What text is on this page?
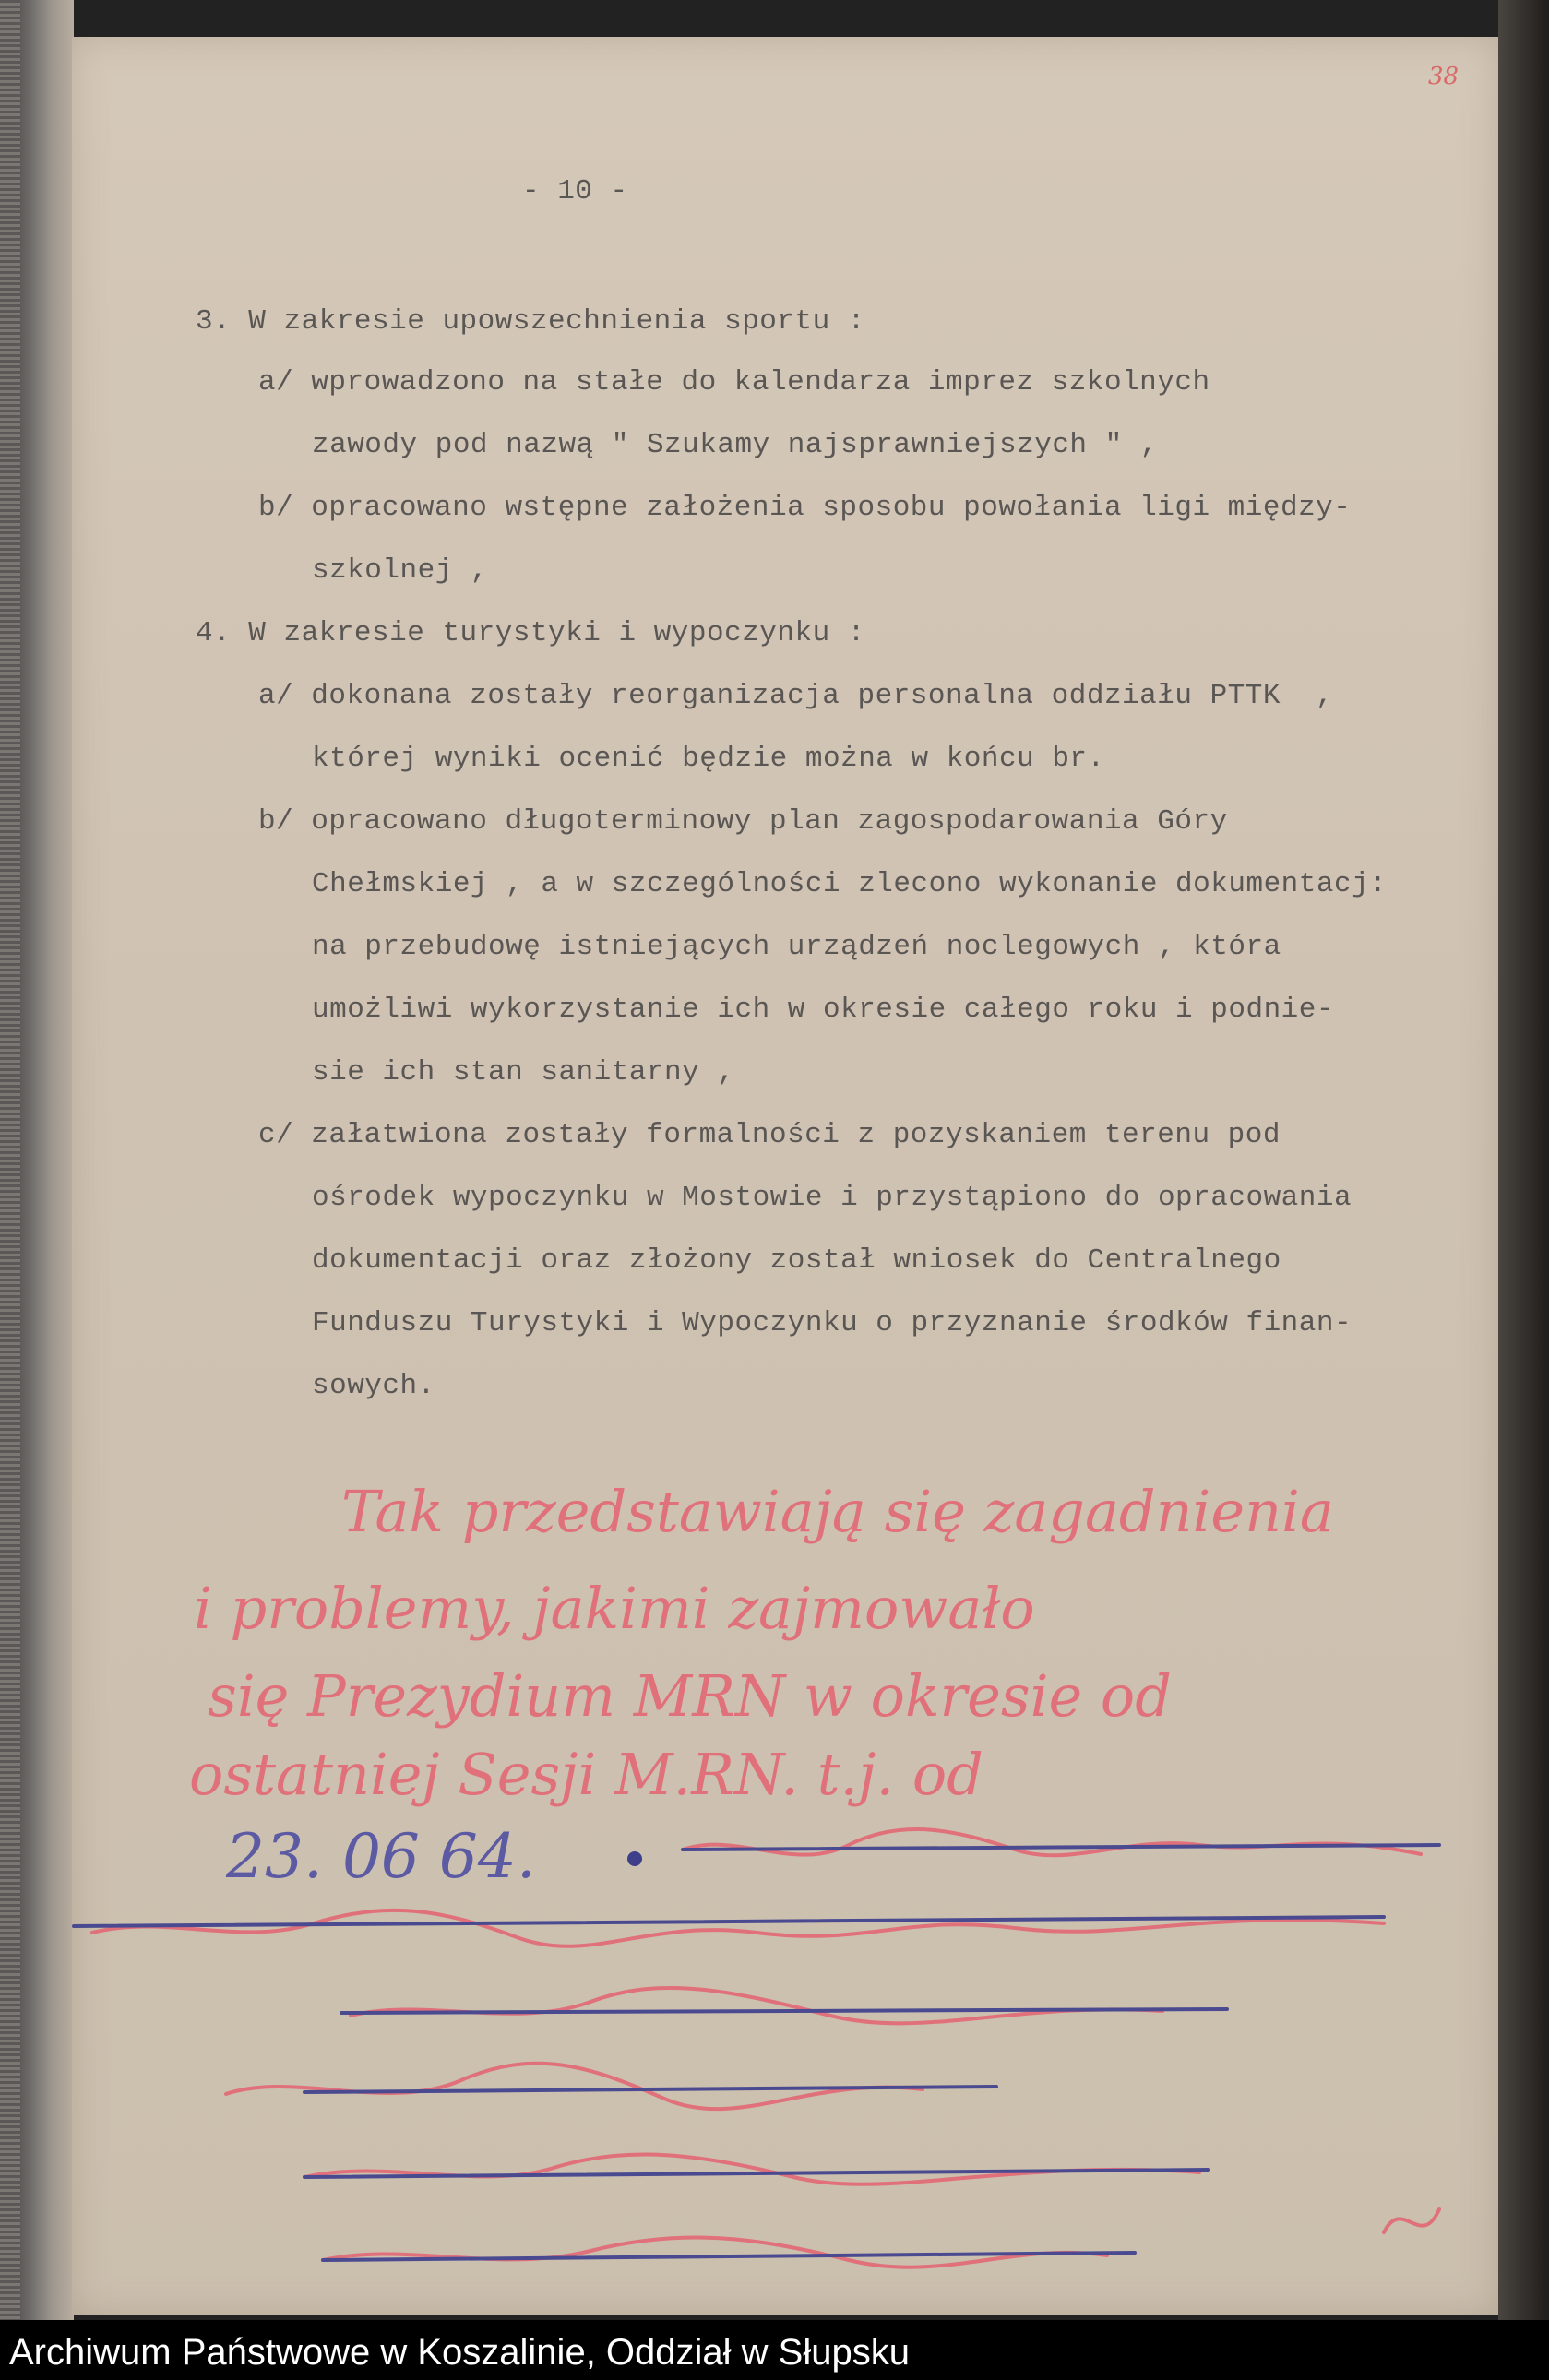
38
- 10 -
3. W zakresie upowszechnienia sportu :
a/ wprowadzono na stałe do kalendarza imprez szkolnych
zawody pod nazwą " Szukamy najsprawniejszych " ,
b/ opracowano wstępne założenia sposobu powołania ligi między-
szkolnej ,
4. W zakresie turystyki i wypoczynku :
a/ dokonana zostały reorganizacja personalna oddziału PTTK  ,
której wyniki ocenić będzie można w końcu br.
b/ opracowano długoterminowy plan zagospodarowania Góry
Chełmskiej , a w szczególności zlecono wykonanie dokumentacj:
na przebudowę istniejących urządzeń noclegowych , która
umożliwi wykorzystanie ich w okresie całego roku i podnie-
sie ich stan sanitarny ,
c/ załatwiona zostały formalności z pozyskaniem terenu pod
ośrodek wypoczynku w Mostowie i przystąpiono do opracowania
dokumentacji oraz złożony został wniosek do Centralnego
Funduszu Turystyki i Wypoczynku o przyznanie środków finan-
sowych.
Tak przedstawiają się zagadnienia
i problemy, jakimi zajmowało
się Prezydium MRN w okresie od
ostatniej Sesji M.RN. t.j. od
23. 06 64.
Archiwum Państwowe w Koszalinie, Oddział w Słupsku
